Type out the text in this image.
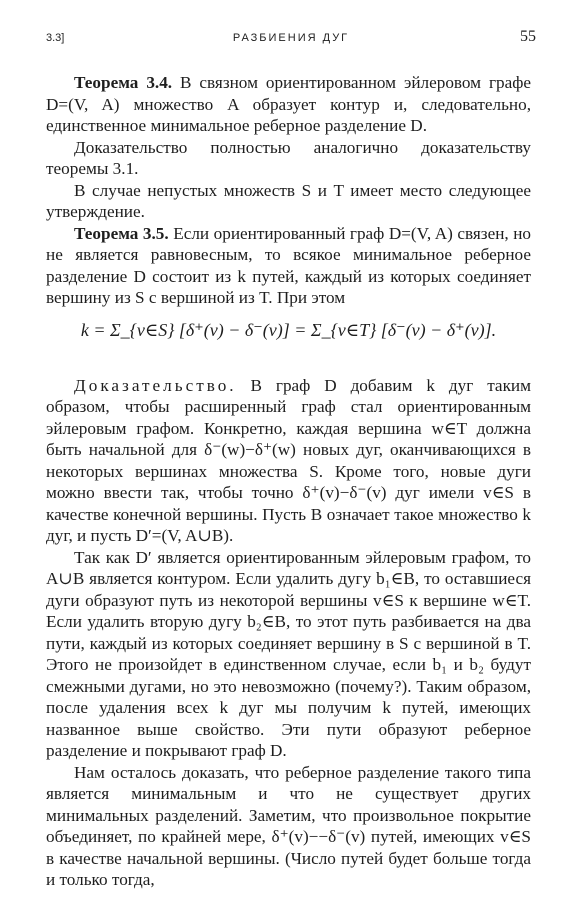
3.3]	РАЗБИЕНИЯ ДУГ	55

Теорема 3.4. В связном ориентированном эйлеровом графе D=(V, A) множество A образует контур и, следовательно, единственное минимальное реберное разделение D.

Доказательство полностью аналогично доказательству теоремы 3.1.

В случае непустых множеств S и T имеет место следующее утверждение.

Теорема 3.5. Если ориентированный граф D=(V, A) связен, но не является равновесным, то всякое минимальное реберное разделение D состоит из k путей, каждый из которых соединяет вершину из S с вершиной из T. При этом

k = Σ_{v∈S} [δ⁺(v) − δ⁻(v)] = Σ_{v∈T} [δ⁻(v) − δ⁺(v)].

Доказательство. В граф D добавим k дуг таким образом, чтобы расширенный граф стал ориентированным эйлеровым графом. Конкретно, каждая вершина w∈T должна быть начальной для δ⁻(w)−δ⁺(w) новых дуг, оканчивающихся в некоторых вершинах множества S. Кроме того, новые дуги можно ввести так, чтобы точно δ⁺(v)−δ⁻(v) дуг имели v∈S в качестве конечной вершины. Пусть B означает такое множество k дуг, и пусть D′=(V, A∪B).

Так как D′ является ориентированным эйлеровым графом, то A∪B является контуром. Если удалить дугу b₁∈B, то оставшиеся дуги образуют путь из некоторой вершины v∈S к вершине w∈T. Если удалить вторую дугу b₂∈B, то этот путь разбивается на два пути, каждый из которых соединяет вершину в S с вершиной в T. Этого не произойдет в единственном случае, если b₁ и b₂ будут смежными дугами, но это невозможно (почему?). Таким образом, после удаления всех k дуг мы получим k путей, имеющих названное выше свойство. Эти пути образуют реберное разделение и покрывают граф D.

Нам осталось доказать, что реберное разделение такого типа является минимальным и что не существует других минимальных разделений. Заметим, что произвольное покрытие объединяет, по крайней мере, δ⁺(v)−−δ⁻(v) путей, имеющих v∈S в качестве начальной вершины. (Число путей будет больше тогда и только тогда,
